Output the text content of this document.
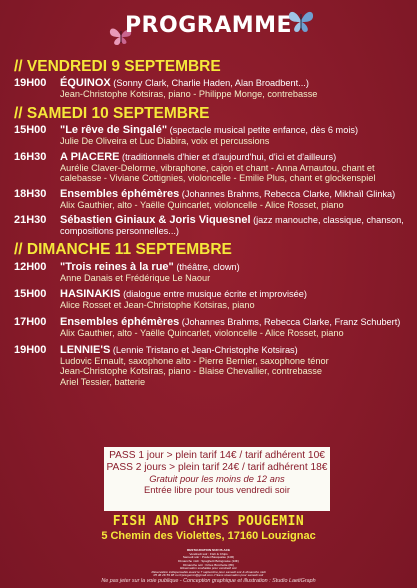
PROGRAMME
// VENDREDI 9 SEPTEMBRE
19H00 ÉQUINOX (Sonny Clark, Charlie Haden, Alan Broadbent...)
Jean-Christophe Kotsiras, piano - Philippe Monge, contrebasse
// SAMEDI 10 SEPTEMBRE
15H00 "Le rêve de Singalé" (spectacle musical petite enfance, dès 6 mois)
Julie De Oliveira et Luc Diabira, voix et percussions
16H30 A PIACERE (traditionnels d'hier et d'aujourd'hui, d'ici et d'ailleurs)
Aurélie Claver-Delorme, vibraphone, cajon et chant - Anna Arnautou, chant et
calebasse - Viviane Cottignies, violoncelle - Emilie Plus, chant et glockenspiel
18H30 Ensembles éphémères (Johannes Brahms, Rebecca Clarke, Mikhaïl Glinka)
Alix Gauthier, alto - Yaëlle Quincarlet, violoncelle - Alice Rosset, piano
21H30 Sébastien Giniaux & Joris Viquesnel (jazz manouche, classique, chanson,
compositions personnelles...)
// DIMANCHE 11 SEPTEMBRE
12H00 "Trois reines à la rue" (théâtre, clown)
Anne Danais et Frédérique Le Naour
15H00 HASINAKIS (dialogue entre musique écrite et improvisée)
Alice Rosset et Jean-Christophe Kotsiras, piano
17H00 Ensembles éphémères (Johannes Brahms, Rebecca Clarke, Franz Schubert)
Alix Gauthier, alto - Yaëlle Quincarlet, violoncelle - Alice Rosset, piano
19H00 LENNIE'S (Lennie Tristano et Jean-Christophe Kotsiras)
Ludovic Ernault, saxophone alto - Pierre Bernier, saxophone ténor
Jean-Christophe Kotsiras, piano - Blaise Chevallier, contrebasse
Ariel Tessier, batterie
PASS 1 jour > plein tarif 14€ / tarif adhérent 10€
PASS 2 jours > plein tarif 24€ / tarif adhérent 18€
Gratuit pour les moins de 12 ans
Entrée libre pour tous vendredi soir
FISH AND CHIPS POUGEMIN
5 Chemin des Violettes, 17160 Louzignac
RESTAURATION SUR PLACE
Vendredi soir : Fish & Chips
Samedi soir : Poulet Basquaise (10€)
Dimanche midi : Spaghetti Bolognaise (10€)
Dimanche soir : Frites Brochette (8€)
Réservation souhaitée pour vendredi soir
Réservation indispensable avant le 7 septembre pour samedi soir & dimanche midi
05 46 26 59 98 ou fcpougemin@gmail.com // Sans réservation pour samedi soir
Ne pas jeter sur la voie publique - Conception graphique et illustration : Studio LaetiGraph
